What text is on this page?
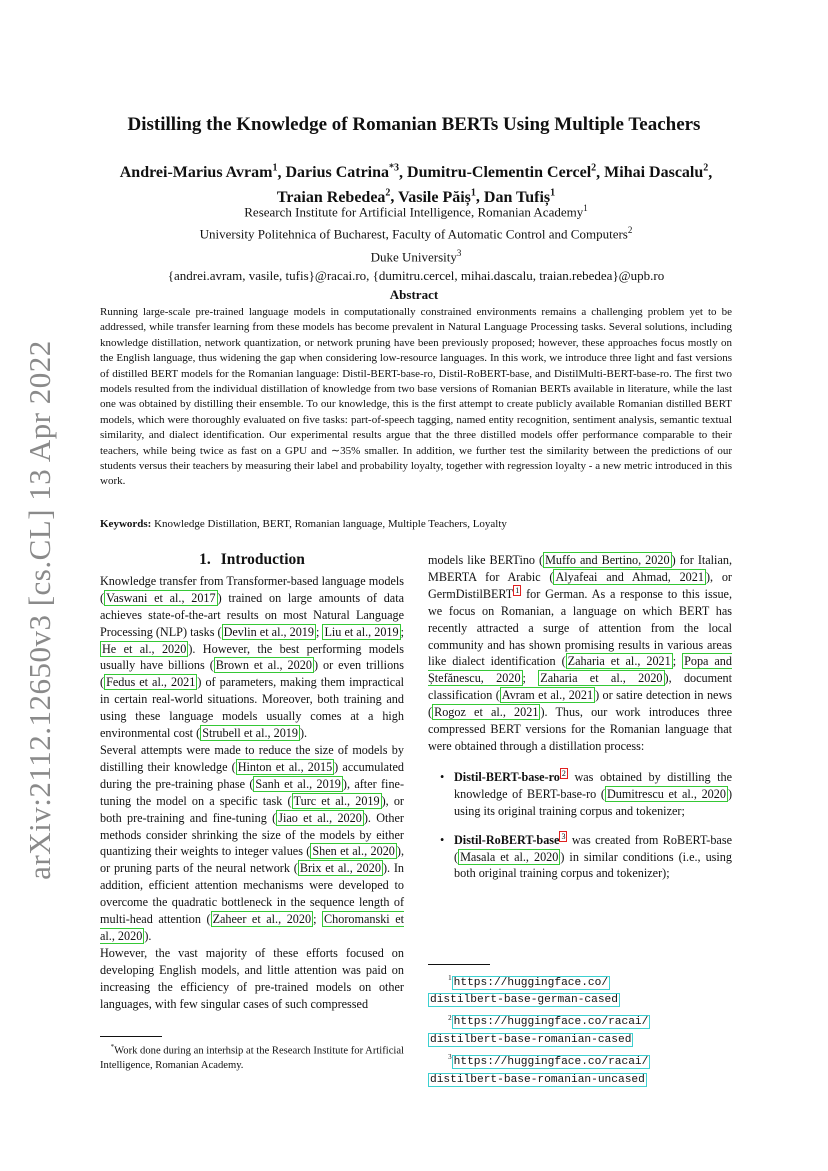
arXiv:2112.12650v3 [cs.CL] 13 Apr 2022
Distilling the Knowledge of Romanian BERTs Using Multiple Teachers
Andrei-Marius Avram$^1$, Darius Catrina$^{*3}$, Dumitru-Clementin Cercel$^2$, Mihai Dascalu$^2$,
Traian Rebedea$^2$, Vasile Păiș$^1$, Dan Tufiș$^1$
Research Institute for Artificial Intelligence, Romanian Academy$^1$
University Politehnica of Bucharest, Faculty of Automatic Control and Computers$^2$
Duke University$^3$
{andrei.avram, vasile, tufis}@racai.ro, {dumitru.cercel, mihai.dascalu, traian.rebedea}@upb.ro
Abstract
Running large-scale pre-trained language models in computationally constrained environments remains a challenging problem yet to be addressed, while transfer learning from these models has become prevalent in Natural Language Processing tasks. Several solutions, including knowledge distillation, network quantization, or network pruning have been previously proposed; however, these approaches focus mostly on the English language, thus widening the gap when considering low-resource languages. In this work, we introduce three light and fast versions of distilled BERT models for the Romanian language: Distil-BERT-base-ro, Distil-RoBERT-base, and DistilMulti-BERT-base-ro. The first two models resulted from the individual distillation of knowledge from two base versions of Romanian BERTs available in literature, while the last one was obtained by distilling their ensemble. To our knowledge, this is the first attempt to create publicly available Romanian distilled BERT models, which were thoroughly evaluated on five tasks: part-of-speech tagging, named entity recognition, sentiment analysis, semantic textual similarity, and dialect identification. Our experimental results argue that the three distilled models offer performance comparable to their teachers, while being twice as fast on a GPU and ∼35% smaller. In addition, we further test the similarity between the predictions of our students versus their teachers by measuring their label and probability loyalty, together with regression loyalty - a new metric introduced in this work.
Keywords: Knowledge Distillation, BERT, Romanian language, Multiple Teachers, Loyalty
1. Introduction

Knowledge transfer from Transformer-based language models ( Vaswani et al., 2017 ) trained on large amounts of data achieves state-of-the-art results on most Natural Language Processing (NLP) tasks ( Devlin et al., 2019 ; Liu et al., 2019 ; He et al., 2020 ). However, the best performing models usually have billions ( Brown et al., 2020 ) or even trillions ( Fedus et al., 2021 ) of parameters, making them impractical in certain real-world situations. Moreover, both training and using these language models usually comes at a high environmental cost ( Strubell et al., 2019 ).

Several attempts were made to reduce the size of models by distilling their knowledge ( Hinton et al., 2015 ) accumulated during the pre-training phase ( Sanh et al., 2019 ), after fine-tuning the model on a specific task ( Turc et al., 2019 ), or both pre-training and fine-tuning ( Jiao et al., 2020 ). Other methods consider shrinking the size of the models by either quantizing their weights to integer values ( Shen et al., 2020 ), or pruning parts of the neural network ( Brix et al., 2020 ). In addition, efficient attention mechanisms were developed to overcome the quadratic bottleneck in the sequence length of multi-head attention ( Zaheer et al., 2020 ; Choromanski et al., 2020 ).

However, the vast majority of these efforts focused on developing English models, and little attention was paid on increasing the efficiency of pre-trained models on other languages, with few singular cases of such compressed

models like BERTino ( Muffo and Bertino, 2020 ) for Italian, MBERTA for Arabic ( Alyafeai and Ahmad, 2021 ), or GermDistilBERT $^1$ for German. As a response to this issue, we focus on Romanian, a language on which BERT has recently attracted a surge of attention from the local community and has shown promising results in various areas like dialect identification ( Zaharia et al., 2021 ; Popa and Ștefănescu, 2020 ; Zaharia et al., 2020 ), document classification ( Avram et al., 2021 ) or satire detection in news ( Rogoz et al., 2021 ). Thus, our work introduces three compressed BERT versions for the Romanian language that were obtained through a distillation process:

• Distil-BERT-base-ro $^2$ was obtained by distilling the knowledge of BERT-base-ro ( Dumitrescu et al., 2020 ) using its original training corpus and tokenizer;
• Distil-RoBERT-base $^3$ was created from RoBERT-base ( Masala et al., 2020 ) in similar conditions (i.e., using both original training corpus and tokenizer);
$^1$ https://huggingface.co/
distilbert-base-german-cased
$^2$ https://huggingface.co/racai/
distilbert-base-romanian-cased
$^3$ https://huggingface.co/racai/
distilbert-base-romanian-uncased
*Work done during an interhsip at the Research Institute for Artificial Intelligence, Romanian Academy.
